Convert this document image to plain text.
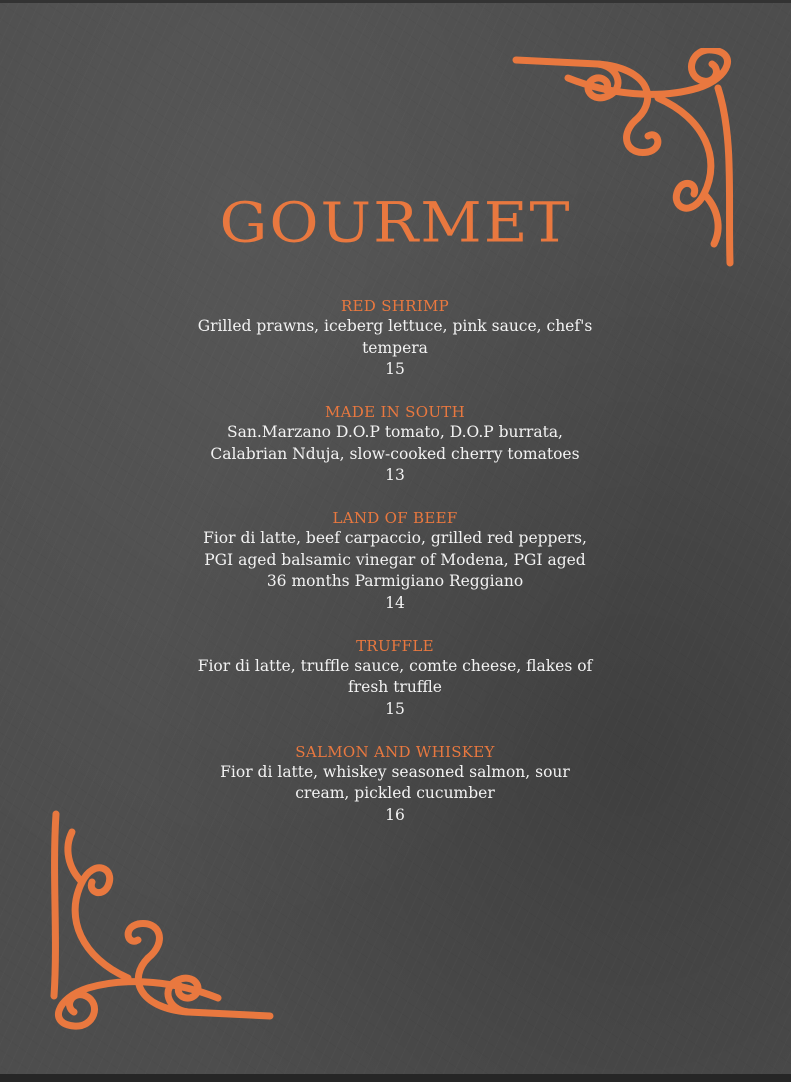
GOURMET
RED SHRIMP
Grilled prawns, iceberg lettuce, pink sauce, chef's tempera
15
MADE IN SOUTH
San.Marzano D.O.P tomato, D.O.P burrata, Calabrian Nduja, slow-cooked cherry tomatoes
13
LAND OF BEEF
Fior di latte, beef carpaccio, grilled red peppers, PGI aged balsamic vinegar of Modena, PGI aged 36 months Parmigiano Reggiano
14
TRUFFLE
Fior di latte, truffle sauce, comte cheese, flakes of fresh truffle
15
SALMON AND WHISKEY
Fior di latte, whiskey seasoned salmon, sour cream, pickled cucumber
16
